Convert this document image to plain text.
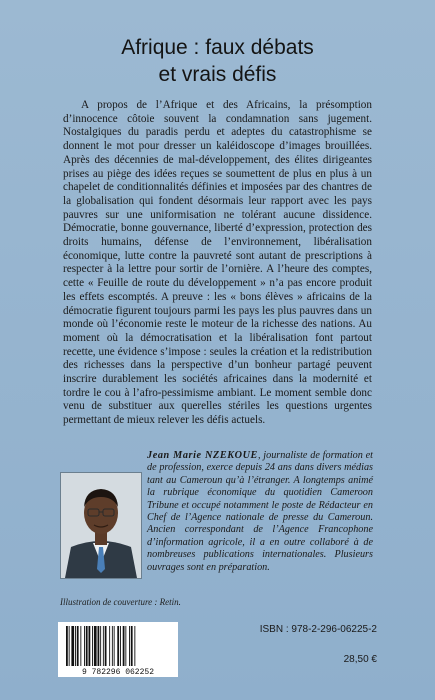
Afrique : faux débats
et vrais défis

A propos de l’Afrique et des Africains, la présomption d’innocence côtoie souvent la condamnation sans jugement. Nostalgiques du paradis perdu et adeptes du catastrophisme se donnent le mot pour dresser un kaléidoscope d’images brouillées. Après des décennies de mal-développement, des élites dirigeantes prises au piège des idées reçues se soumettent de plus en plus à un chapelet de conditionnalités définies et imposées par des chantres de la globalisation qui fondent désormais leur rapport avec les pays pauvres sur une uniformisation ne tolérant aucune dissidence. Démocratie, bonne gouvernance, liberté d’expression, protection des droits humains, défense de l’environnement, libéralisation économique, lutte contre la pauvreté sont autant de prescriptions à respecter à la lettre pour sortir de l’ornière. A l’heure des comptes, cette « Feuille de route du développement » n’a pas encore produit les effets escomptés. A preuve : les « bons élèves » africains de la démocratie figurent toujours parmi les pays les plus pauvres dans un monde où l’économie reste le moteur de la richesse des nations. Au moment où la démocratisation et la libéralisation font partout recette, une évidence s’impose : seules la création et la redistribution des richesses dans la perspective d’un bonheur partagé peuvent inscrire durablement les sociétés africaines dans la modernité et tordre le cou à l’afro-pessimisme ambiant. Le moment semble donc venu de substituer aux querelles stériles les questions urgentes permettant de mieux relever les défis actuels.

Jean Marie NZEKOUE, journaliste de formation et de profession, exerce depuis 24 ans dans divers médias tant au Cameroun qu’à l’étranger. A longtemps animé la rubrique économique du quotidien Cameroon Tribune et occupé notamment le poste de Rédacteur en Chef de l’Agence nationale de presse du Cameroun. Ancien correspondant de l’Agence Francophone d’information agricole, il a en outre collaboré à de nombreuses publications internationales. Plusieurs ouvrages sont en préparation.

Illustration de couverture : Retin.
9 782296 062252
ISBN : 978-2-296-06225-2
28,50 €
